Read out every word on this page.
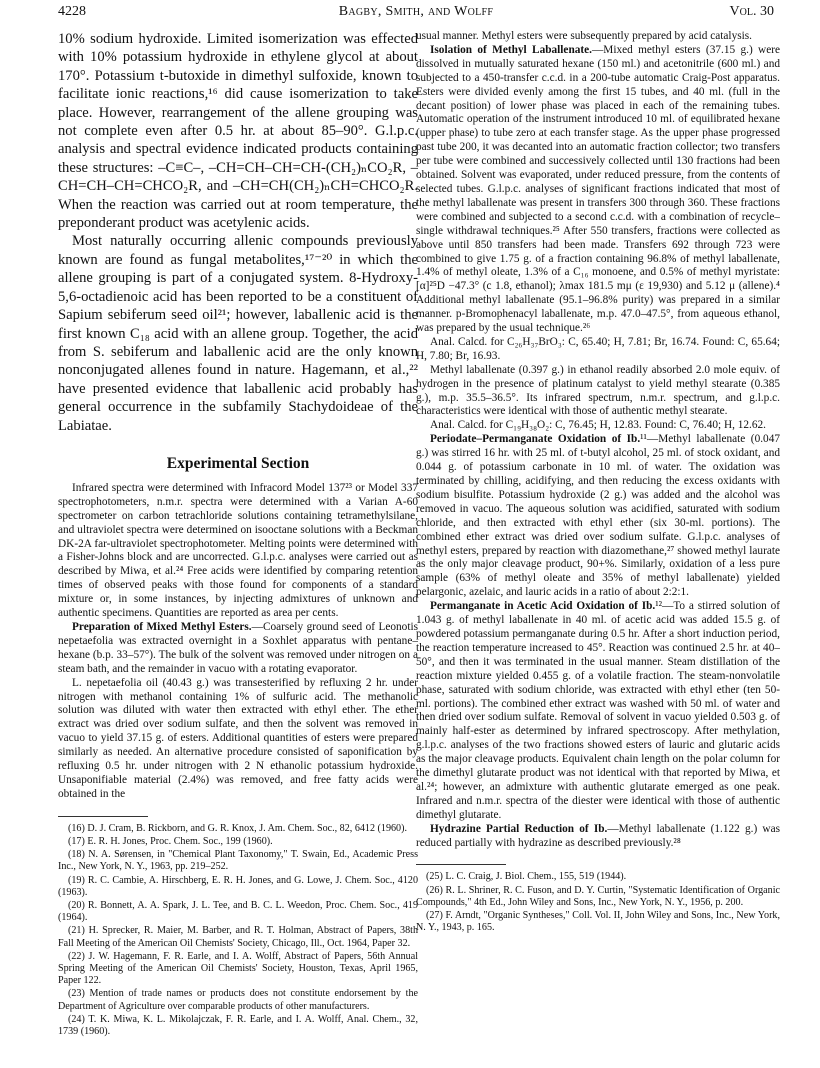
4228	Bagby, Smith, and Wolff	Vol. 30

10% sodium hydroxide. Limited isomerization was effected with 10% potassium hydroxide in ethylene glycol at about 170°. Potassium t-butoxide in dimethyl sulfoxide, known to facilitate ionic reactions,¹⁶ did cause isomerization to take place. However, rearrangement of the allene grouping was not complete even after 0.5 hr. at about 85–90°. G.l.p.c. analysis and spectral evidence indicated products containing these structures: –C≡C–, –CH=CH–CH=CH-(CH₂)ₙCO₂R, –CH=CH–CH=CHCO₂R, and –CH=CH(CH₂)ₙCH=CHCO₂R. When the reaction was carried out at room temperature, the preponderant product was acetylenic acids.

Most naturally occurring allenic compounds previously known are found as fungal metabolites,¹⁷⁻²⁰ in which the allene grouping is part of a conjugated system. 8-Hydroxy-5,6-octadienoic acid has been reported to be a constituent of Sapium sebiferum seed oil²¹; however, laballenic acid is the first known C₁₈ acid with an allene group. Together, the acid from S. sebiferum and laballenic acid are the only known nonconjugated allenes found in nature. Hagemann, et al.,²² have presented evidence that laballenic acid probably has general occurrence in the subfamily Stachydoideae of the Labiatae.

Experimental Section

Infrared spectra were determined with Infracord Model 137²³ or Model 337 spectrophotometers, n.m.r. spectra were determined with a Varian A-60 spectrometer on carbon tetrachloride solutions containing tetramethylsilane, and ultraviolet spectra were determined on isooctane solutions with a Beckman DK-2A far-ultraviolet spectrophotometer. Melting points were determined with a Fisher-Johns block and are uncorrected. G.l.p.c. analyses were carried out as described by Miwa, et al.²⁴ Free acids were identified by comparing retention times of observed peaks with those found for components of a standard mixture or, in some instances, by injecting admixtures of unknown and authentic specimens. Quantities are reported as area per cents.

Preparation of Mixed Methyl Esters.—Coarsely ground seed of Leonotis nepetaefolia was extracted overnight in a Soxhlet apparatus with pentane–hexane (b.p. 33–57°). The bulk of the solvent was removed under nitrogen on a steam bath, and the remainder in vacuo with a rotating evaporator.

L. nepetaefolia oil (40.43 g.) was transesterified by refluxing 2 hr. under nitrogen with methanol containing 1% of sulfuric acid. The methanolic solution was diluted with water then extracted with ethyl ether. The ether extract was dried over sodium sulfate, and then the solvent was removed in vacuo to yield 37.15 g. of esters. Additional quantities of esters were prepared similarly as needed. An alternative procedure consisted of saponification by refluxing 0.5 hr. under nitrogen with 2 N ethanolic potassium hydroxide. Unsaponifiable material (2.4%) was removed, and free fatty acids were obtained in the

(16) D. J. Cram, B. Rickborn, and G. R. Knox, J. Am. Chem. Soc., 82, 6412 (1960).

(17) E. R. H. Jones, Proc. Chem. Soc., 199 (1960).

(18) N. A. Sørensen, in "Chemical Plant Taxonomy," T. Swain, Ed., Academic Press Inc., New York, N. Y., 1963, pp. 219–252.

(19) R. C. Cambie, A. Hirschberg, E. R. H. Jones, and G. Lowe, J. Chem. Soc., 4120 (1963).

(20) R. Bonnett, A. A. Spark, J. L. Tee, and B. C. L. Weedon, Proc. Chem. Soc., 419 (1964).

(21) H. Sprecker, R. Maier, M. Barber, and R. T. Holman, Abstract of Papers, 38th Fall Meeting of the American Oil Chemists' Society, Chicago, Ill., Oct. 1964, Paper 32.

(22) J. W. Hagemann, F. R. Earle, and I. A. Wolff, Abstract of Papers, 56th Annual Spring Meeting of the American Oil Chemists' Society, Houston, Texas, April 1965, Paper 122.

(23) Mention of trade names or products does not constitute endorsement by the Department of Agriculture over comparable products of other manufacturers.

(24) T. K. Miwa, K. L. Mikolajczak, F. R. Earle, and I. A. Wolff, Anal. Chem., 32, 1739 (1960).

usual manner. Methyl esters were subsequently prepared by acid catalysis.

Isolation of Methyl Laballenate.—Mixed methyl esters (37.15 g.) were dissolved in mutually saturated hexane (150 ml.) and acetonitrile (600 ml.) and subjected to a 450-transfer c.c.d. in a 200-tube automatic Craig-Post apparatus. Esters were divided evenly among the first 15 tubes, and 40 ml. (full in the decant position) of lower phase was placed in each of the remaining tubes. Automatic operation of the instrument introduced 10 ml. of equilibrated hexane (upper phase) to tube zero at each transfer stage. As the upper phase progressed past tube 200, it was decanted into an automatic fraction collector; two transfers per tube were combined and successively collected until 130 fractions had been obtained. Solvent was evaporated, under reduced pressure, from the contents of selected tubes. G.l.p.c. analyses of significant fractions indicated that most of the methyl laballenate was present in transfers 300 through 360. These fractions were combined and subjected to a second c.c.d. with a combination of recycle–single withdrawal techniques.²⁵ After 550 transfers, fractions were collected as above until 850 transfers had been made. Transfers 692 through 723 were combined to give 1.75 g. of a fraction containing 96.8% of methyl laballenate, 1.4% of methyl oleate, 1.3% of a C₁₆ monoene, and 0.5% of methyl myristate: [α]²⁵D −47.3° (c 1.8, ethanol); λmax 181.5 mμ (ε 19,930) and 5.12 μ (allene).⁴ Additional methyl laballenate (95.1–96.8% purity) was prepared in a similar manner. p-Bromophenacyl laballenate, m.p. 47.0–47.5°, from aqueous ethanol, was prepared by the usual technique.²⁶

Anal. Calcd. for C₂₆H₃₇BrO₃: C, 65.40; H, 7.81; Br, 16.74. Found: C, 65.64; H, 7.80; Br, 16.93.

Methyl laballenate (0.397 g.) in ethanol readily absorbed 2.0 mole equiv. of hydrogen in the presence of platinum catalyst to yield methyl stearate (0.385 g.), m.p. 35.5–36.5°. Its infrared spectrum, n.m.r. spectrum, and g.l.p.c. characteristics were identical with those of authentic methyl stearate.

Anal. Calcd. for C₁₉H₃₈O₂: C, 76.45; H, 12.83. Found: C, 76.40; H, 12.62.

Periodate–Permanganate Oxidation of Ib.¹¹—Methyl laballenate (0.047 g.) was stirred 16 hr. with 25 ml. of t-butyl alcohol, 25 ml. of stock oxidant, and 0.044 g. of potassium carbonate in 10 ml. of water. The oxidation was terminated by chilling, acidifying, and then reducing the excess oxidants with sodium bisulfite. Potassium hydroxide (2 g.) was added and the alcohol was removed in vacuo. The aqueous solution was acidified, saturated with sodium chloride, and then extracted with ethyl ether (six 30-ml. portions). The combined ether extract was dried over sodium sulfate. G.l.p.c. analyses of methyl esters, prepared by reaction with diazomethane,²⁷ showed methyl laurate as the only major cleavage product, 90+%. Similarly, oxidation of a less pure sample (63% of methyl oleate and 35% of methyl laballenate) yielded pelargonic, azelaic, and lauric acids in a ratio of about 2:2:1.

Permanganate in Acetic Acid Oxidation of Ib.¹²—To a stirred solution of 1.043 g. of methyl laballenate in 40 ml. of acetic acid was added 15.5 g. of powdered potassium permanganate during 0.5 hr. After a short induction period, the reaction temperature increased to 45°. Reaction was continued 2.5 hr. at 40–50°, and then it was terminated in the usual manner. Steam distillation of the reaction mixture yielded 0.455 g. of a volatile fraction. The steam-nonvolatile phase, saturated with sodium chloride, was extracted with ethyl ether (ten 50-ml. portions). The combined ether extract was washed with 50 ml. of water and then dried over sodium sulfate. Removal of solvent in vacuo yielded 0.503 g. of mainly half-ester as determined by infrared spectroscopy. After methylation, g.l.p.c. analyses of the two fractions showed esters of lauric and glutaric acids as the major cleavage products. Equivalent chain length on the polar column for the dimethyl glutarate product was not identical with that reported by Miwa, et al.²⁴; however, an admixture with authentic glutarate emerged as one peak. Infrared and n.m.r. spectra of the diester were identical with those of authentic dimethyl glutarate.

Hydrazine Partial Reduction of Ib.—Methyl laballenate (1.122 g.) was reduced partially with hydrazine as described previously.²⁸

(25) L. C. Craig, J. Biol. Chem., 155, 519 (1944).

(26) R. L. Shriner, R. C. Fuson, and D. Y. Curtin, "Systematic Identification of Organic Compounds," 4th Ed., John Wiley and Sons, Inc., New York, N. Y., 1956, p. 200.

(27) F. Arndt, "Organic Syntheses," Coll. Vol. II, John Wiley and Sons, Inc., New York, N. Y., 1943, p. 165.
